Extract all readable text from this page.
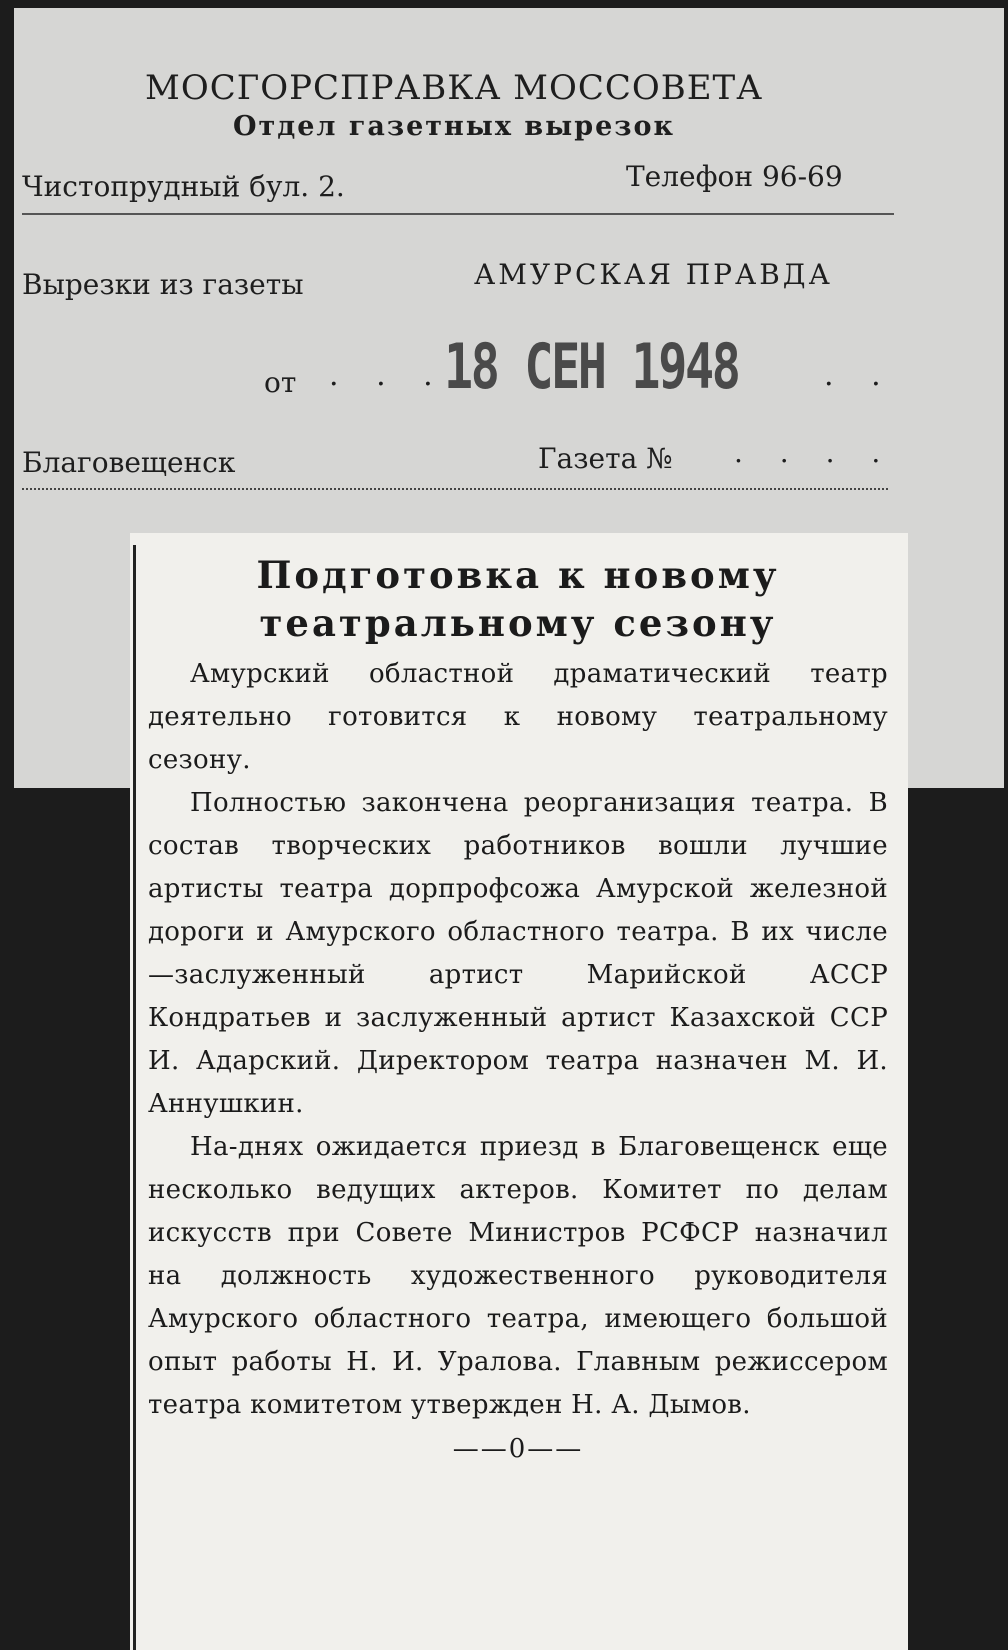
МОСГОРСПРАВКА МОССОВЕТА
Отдел газетных вырезок
Чистопрудный бул. 2.	Телефон 96-69
Вырезки из газеты	АМУРСКАЯ ПРАВДА
от . . .
18 СЕН 1948	. .
Благовещенск	Газета № . . . .
Подготовка к новому театральному сезону

Амурский областной драматический театр деятельно готовится к новому театральному сезону.

Полностью закончена реорганизация театра. В состав творческих работников вошли лучшие артисты театра дорпрофсожа Амурской железной дороги и Амурского областного театра. В их числе—заслуженный артист Марийской АССР Кондратьев и заслуженный артист Казахской ССР И. Адарский. Директором театра назначен М. И. Аннушкин.

На-днях ожидается приезд в Благовещенск еще несколько ведущих актеров. Комитет по делам искусств при Совете Министров РСФСР назначил на должность художественного руководителя Амурского областного театра, имеющего большой опыт работы Н. И. Уралова. Главным режиссером театра комитетом утвержден Н. А. Дымов.

——0——
